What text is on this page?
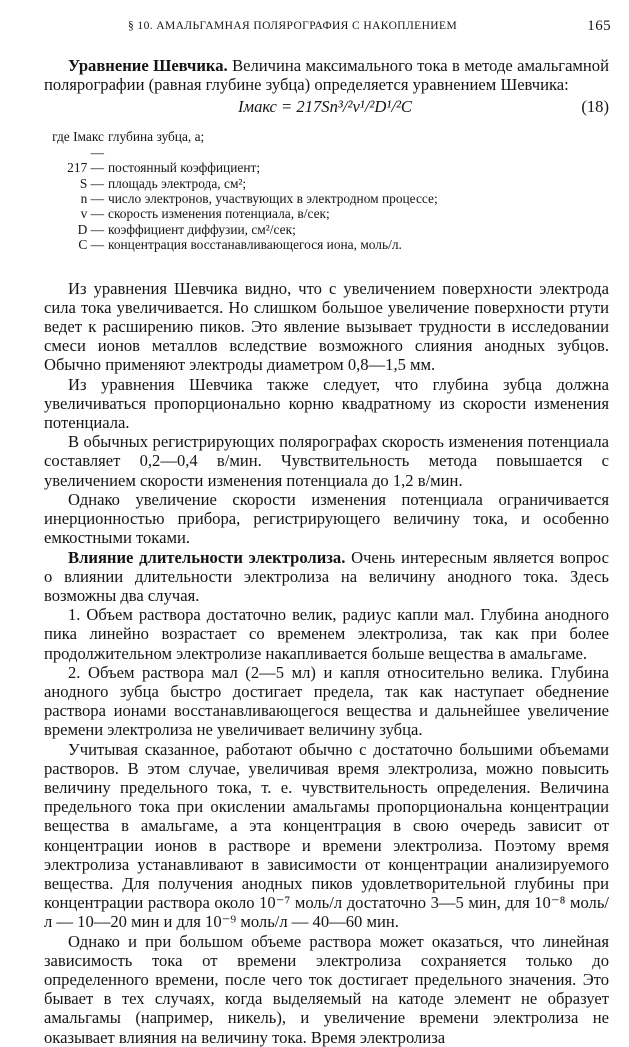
§ 10. АМАЛЬГАМНАЯ ПОЛЯРОГРАФИЯ С НАКОПЛЕНИЕМ	165

Уравнение Шевчика. Величина максимального тока в методе амальгамной полярографии (равная глубине зубца) определяется уравнением Шевчика:

Iмакс = 217Sn³/²v¹/²D¹/²C	(18)
где Iмакс —
глубина зубца, а;
217 — постоянный коэффициент;
S — площадь электрода, см²;
n — число электронов, участвующих в электродном процессе;
v — скорость изменения потенциала, в/сек;
D — коэффициент диффузии, см²/сек;
C — концентрация восстанавливающегося иона, моль/л.

Из уравнения Шевчика видно, что с увеличением поверхности электрода сила тока увеличивается. Но слишком большое увеличение поверхности ртути ведет к расширению пиков. Это явление вызывает трудности в исследовании смеси ионов металлов вследствие возможного слияния анодных зубцов. Обычно применяют электроды диаметром 0,8—1,5 мм.

Из уравнения Шевчика также следует, что глубина зубца должна увеличиваться пропорционально корню квадратному из скорости изменения потенциала.

В обычных регистрирующих полярографах скорость изменения потенциала составляет 0,2—0,4 в/мин. Чувствительность метода повышается с увеличением скорости изменения потенциала до 1,2 в/мин.

Однако увеличение скорости изменения потенциала ограничивается инерционностью прибора, регистрирующего величину тока, и особенно емкостными токами.

Влияние длительности электролиза. Очень интересным является вопрос о влиянии длительности электролиза на величину анодного тока. Здесь возможны два случая.

1. Объем раствора достаточно велик, радиус капли мал. Глубина анодного пика линейно возрастает со временем электролиза, так как при более продолжительном электролизе накапливается больше вещества в амальгаме.

2. Объем раствора мал (2—5 мл) и капля относительно велика. Глубина анодного зубца быстро достигает предела, так как наступает обеднение раствора ионами восстанавливающегося вещества и дальнейшее увеличение времени электролиза не увеличивает величину зубца.

Учитывая сказанное, работают обычно с достаточно большими объемами растворов. В этом случае, увеличивая время электролиза, можно повысить величину предельного тока, т. е. чувствительность определения. Величина предельного тока при окислении амальгамы пропорциональна концентрации вещества в амальгаме, а эта концентрация в свою очередь зависит от концентрации ионов в растворе и времени электролиза. Поэтому время электролиза устанавливают в зависимости от концентрации анализируемого вещества. Для получения анодных пиков удовлетворительной глубины при концентрации раствора около 10⁻⁷ моль/л достаточно 3—5 мин, для 10⁻⁸ моль/л — 10—20 мин и для 10⁻⁹ моль/л — 40—60 мин.

Однако и при большом объеме раствора может оказаться, что линейная зависимость тока от времени электролиза сохраняется только до определенного времени, после чего ток достигает предельного значения. Это бывает в тех случаях, когда выделяемый на катоде элемент не образует амальгамы (например, никель), и увеличение времени электролиза не оказывает влияния на величину тока. Время электролиза
